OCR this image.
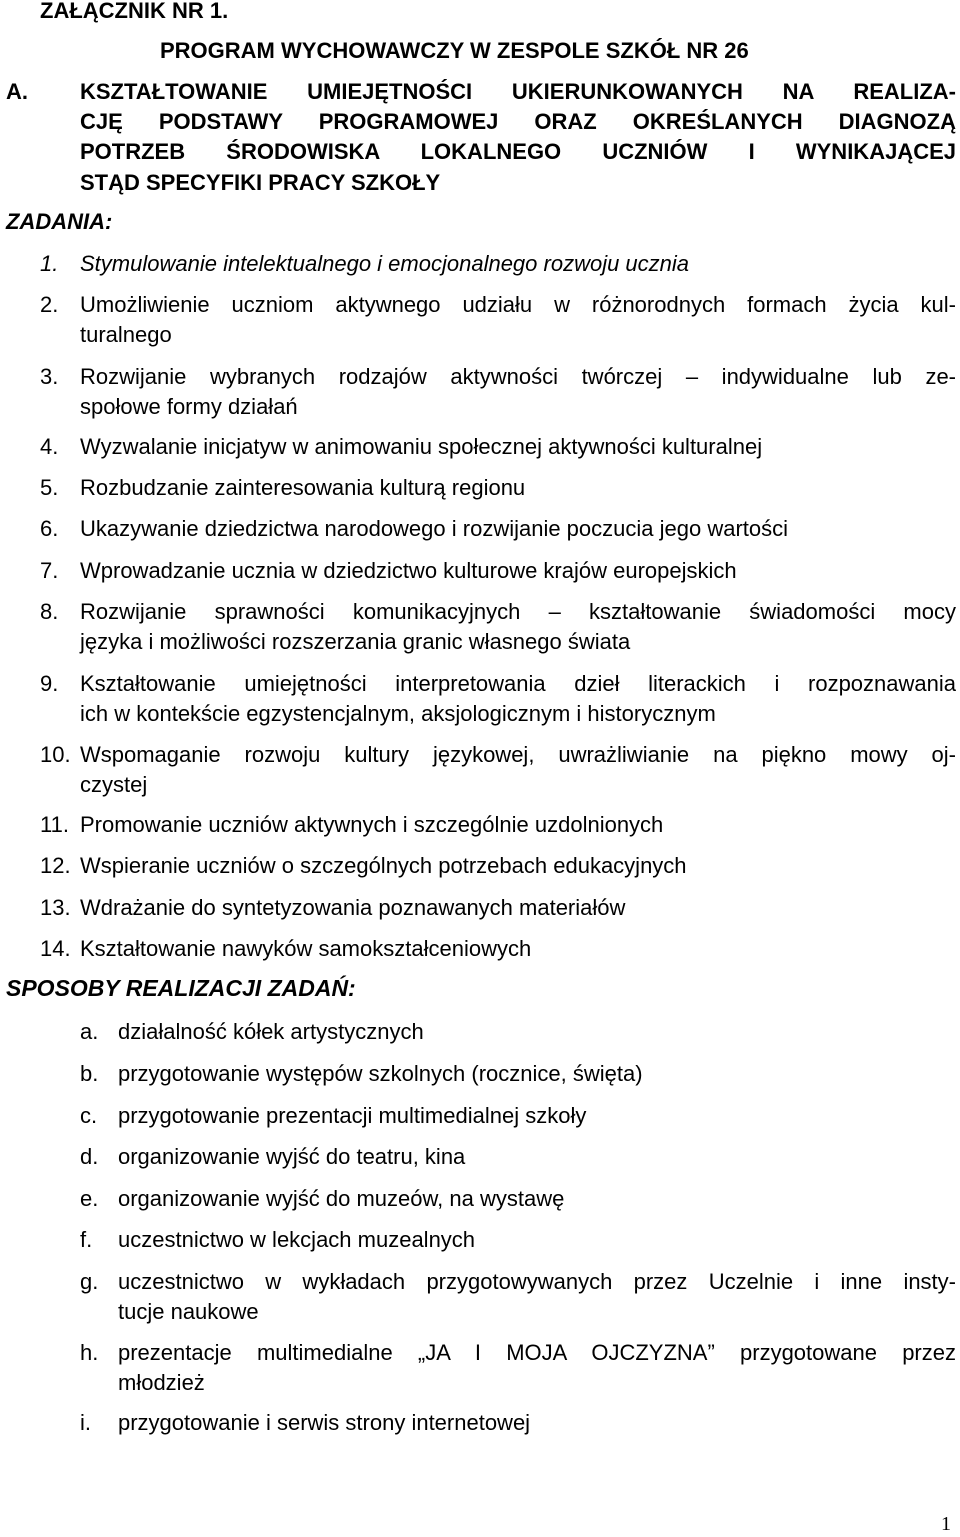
ZAŁĄCZNIK NR 1.
PROGRAM WYCHOWAWCZY W ZESPOLE SZKÓŁ NR 26
A. KSZTAŁTOWANIE UMIEJĘTNOŚCI UKIERUNKOWANYCH NA REALIZA-
CJĘ PODSTAWY PROGRAMOWEJ ORAZ OKREŚLANYCH DIAGNOZĄ
POTRZEB ŚRODOWISKA LOKALNEGO UCZNIÓW I WYNIKAJĄCEJ
STĄD SPECYFIKI PRACY SZKOŁY
ZADANIA:
1. Stymulowanie intelektualnego i emocjonalnego rozwoju ucznia
2. Umożliwienie uczniom aktywnego udziału w różnorodnych formach życia kul-
turalnego
3. Rozwijanie wybranych rodzajów aktywności twórczej – indywidualne lub ze-
społowe formy działań
4. Wyzwalanie inicjatyw w animowaniu społecznej aktywności kulturalnej
5. Rozbudzanie zainteresowania kulturą regionu
6. Ukazywanie dziedzictwa narodowego i rozwijanie poczucia jego wartości
7. Wprowadzanie ucznia w dziedzictwo kulturowe krajów europejskich
8. Rozwijanie sprawności komunikacyjnych – kształtowanie świadomości mocy
języka i możliwości rozszerzania granic własnego świata
9. Kształtowanie umiejętności interpretowania dzieł literackich i rozpoznawania
ich w kontekście egzystencjalnym, aksjologicznym i historycznym
10. Wspomaganie rozwoju kultury językowej, uwrażliwianie na piękno mowy oj-
czystej
11. Promowanie uczniów aktywnych i szczególnie uzdolnionych
12. Wspieranie uczniów o szczególnych potrzebach edukacyjnych
13. Wdrażanie do syntetyzowania poznawanych materiałów
14. Kształtowanie nawyków samokształceniowych
SPOSOBY REALIZACJI ZADAŃ:
a. działalność kółek artystycznych
b. przygotowanie występów szkolnych (rocznice, święta)
c. przygotowanie prezentacji multimedialnej szkoły
d. organizowanie wyjść do teatru, kina
e. organizowanie wyjść do muzeów, na wystawę
f. uczestnictwo w lekcjach muzealnych
g. uczestnictwo w wykładach przygotowywanych przez Uczelnie i inne insty-
tucje naukowe
h. prezentacje multimedialne „JA I MOJA OJCZYZNA” przygotowane przez
młodzież
i. przygotowanie i serwis strony internetowej
1
